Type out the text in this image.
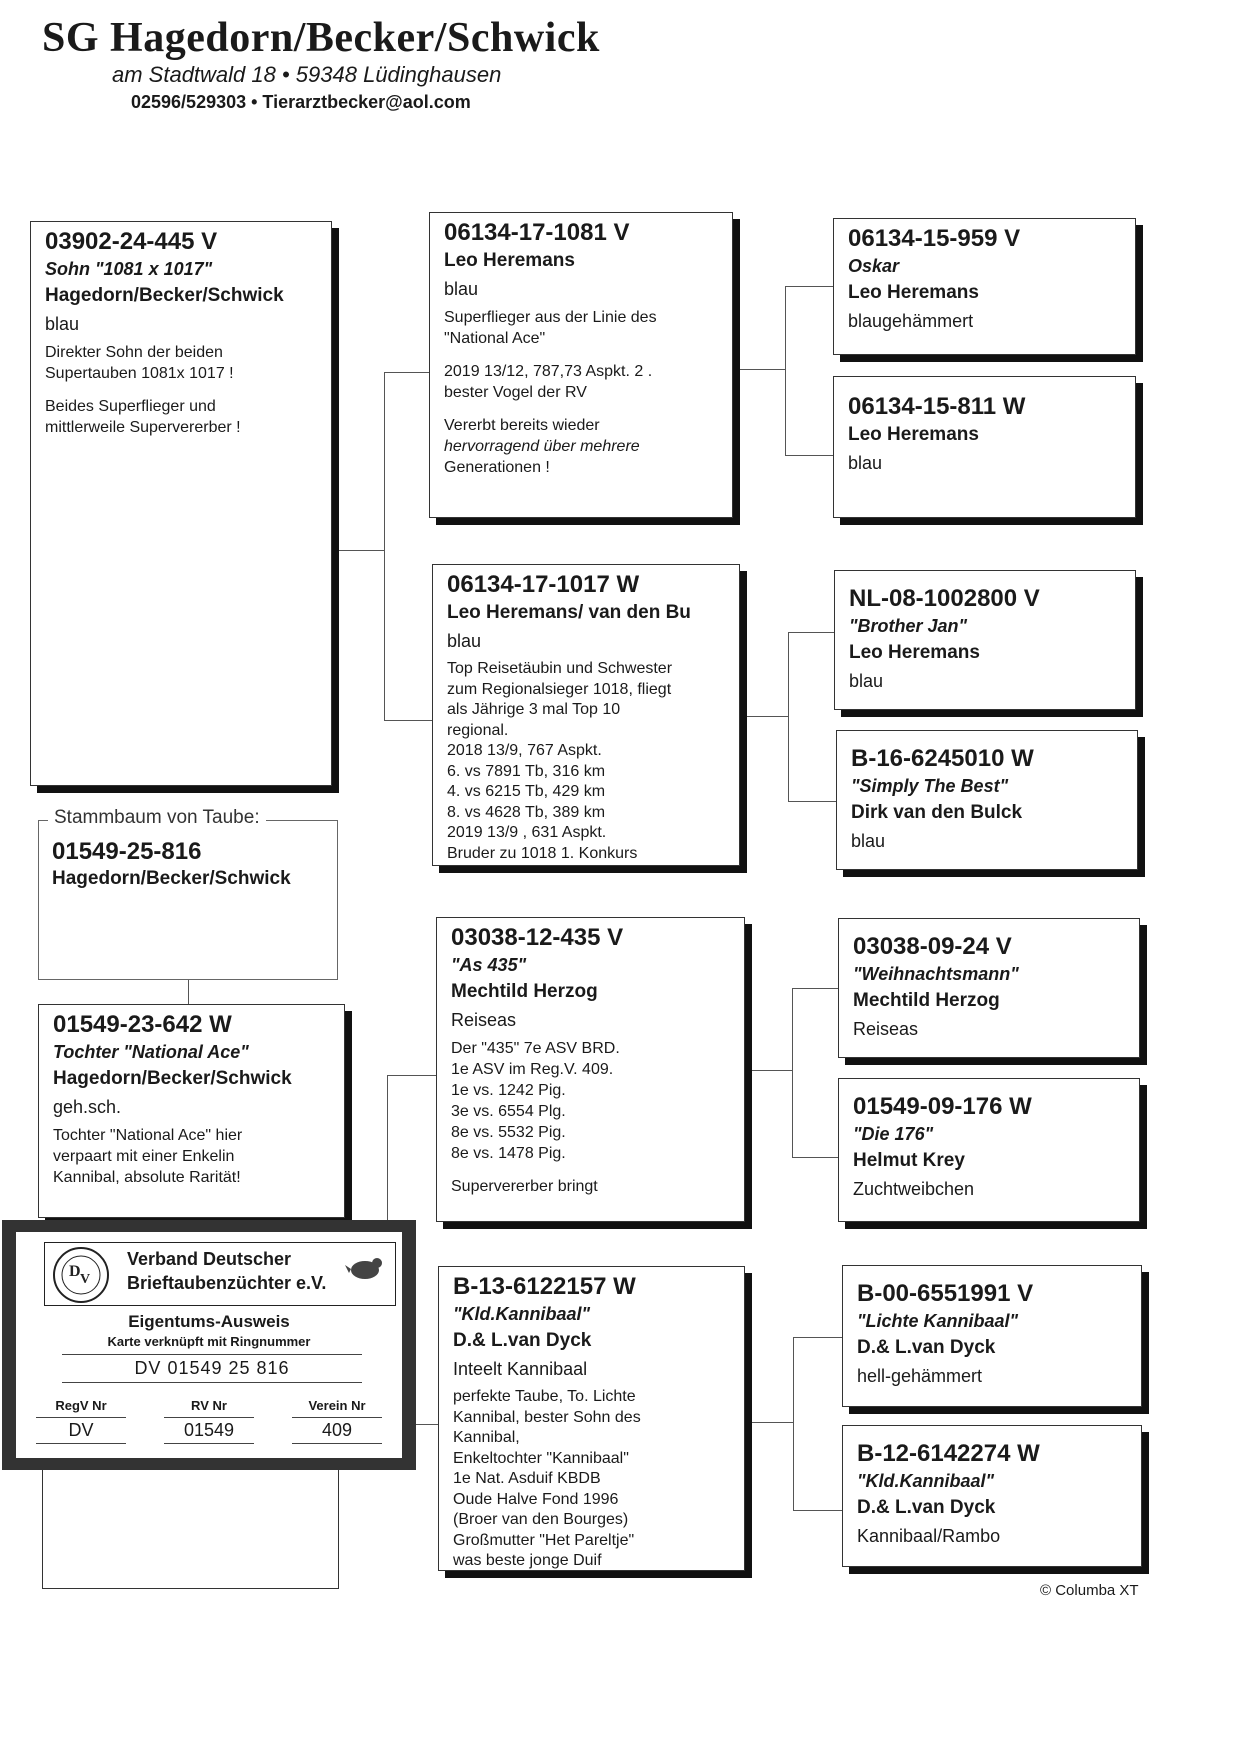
SG Hagedorn/Becker/Schwick
am Stadtwald 18 • 59348 Lüdinghausen
02596/529303 • Tierarztbecker@aol.com
03902-24-445 V
Sohn "1081 x 1017"
Hagedorn/Becker/Schwick
blau

Direkter Sohn der beiden
Supertauben 1081x 1017 !

Beides Superflieger und
mittlerweile Supervererber !

Stammbaum von Taube:
01549-25-816
Hagedorn/Becker/Schwick
01549-23-642 W
Tochter "National Ace"
Hagedorn/Becker/Schwick
geh.sch.
Tochter "National Ace" hier
verpaart mit einer Enkelin
Kannibal, absolute Rarität!
06134-17-1081 V
Leo Heremans
blau

Superflieger aus der Linie des
"National Ace"

2019 13/12, 787,73 Aspkt. 2 .
bester Vogel der RV

Vererbt bereits wieder
hervorragend über mehrere
Generationen !

06134-17-1017 W
Leo Heremans/ van den Bu
blau
Top Reisetäubin und Schwester
zum Regionalsieger 1018, fliegt
als Jährige 3 mal Top 10
regional.
2018 13/9, 767 Aspkt.
6. vs 7891 Tb, 316 km
4. vs 6215 Tb, 429 km
8. vs 4628 Tb, 389 km
2019 13/9 , 631 Aspkt.
Bruder zu 1018 1. Konkurs
03038-12-435 V
"As 435"
Mechtild Herzog
Reiseas

Der "435" 7e ASV BRD.
1e ASV im Reg.V. 409.
1e vs. 1242 Pig.
3e vs. 6554 Plg.
8e vs. 5532 Pig.
8e vs. 1478 Pig.

Supervererber bringt
B-13-6122157 W
"Kld.Kannibaal"
D.& L.van Dyck
Inteelt Kannibaal
perfekte Taube, To. Lichte
Kannibal, bester Sohn des
Kannibal,
Enkeltochter "Kannibaal"
1e Nat. Asduif KBDB
Oude Halve Fond 1996
(Broer van den Bourges)
Großmutter "Het Pareltje"
was beste jonge Duif
06134-15-959 V
Oskar
Leo Heremans
blaugehämmert
06134-15-811 W
Leo Heremans
blau
NL-08-1002800 V
"Brother Jan"
Leo Heremans
blau
B-16-6245010 W
"Simply The Best"
Dirk van den Bulck
blau
03038-09-24 V
"Weihnachtsmann"
Mechtild Herzog
Reiseas
01549-09-176 W
"Die 176"
Helmut Krey
Zuchtweibchen
B-00-6551991 V
"Lichte Kannibaal"
D.& L.van Dyck
hell-gehämmert
B-12-6142274 W
"Kld.Kannibaal"
D.& L.van Dyck
Kannibaal/Rambo
D V
Verband Deutscher
Brieftaubenzüchter e.V.
Eigentums-Ausweis
Karte verknüpft mit Ringnummer
DV 01549 25 816
RegV Nr
DV
RV Nr
01549
Verein Nr
409
© Columba XT
